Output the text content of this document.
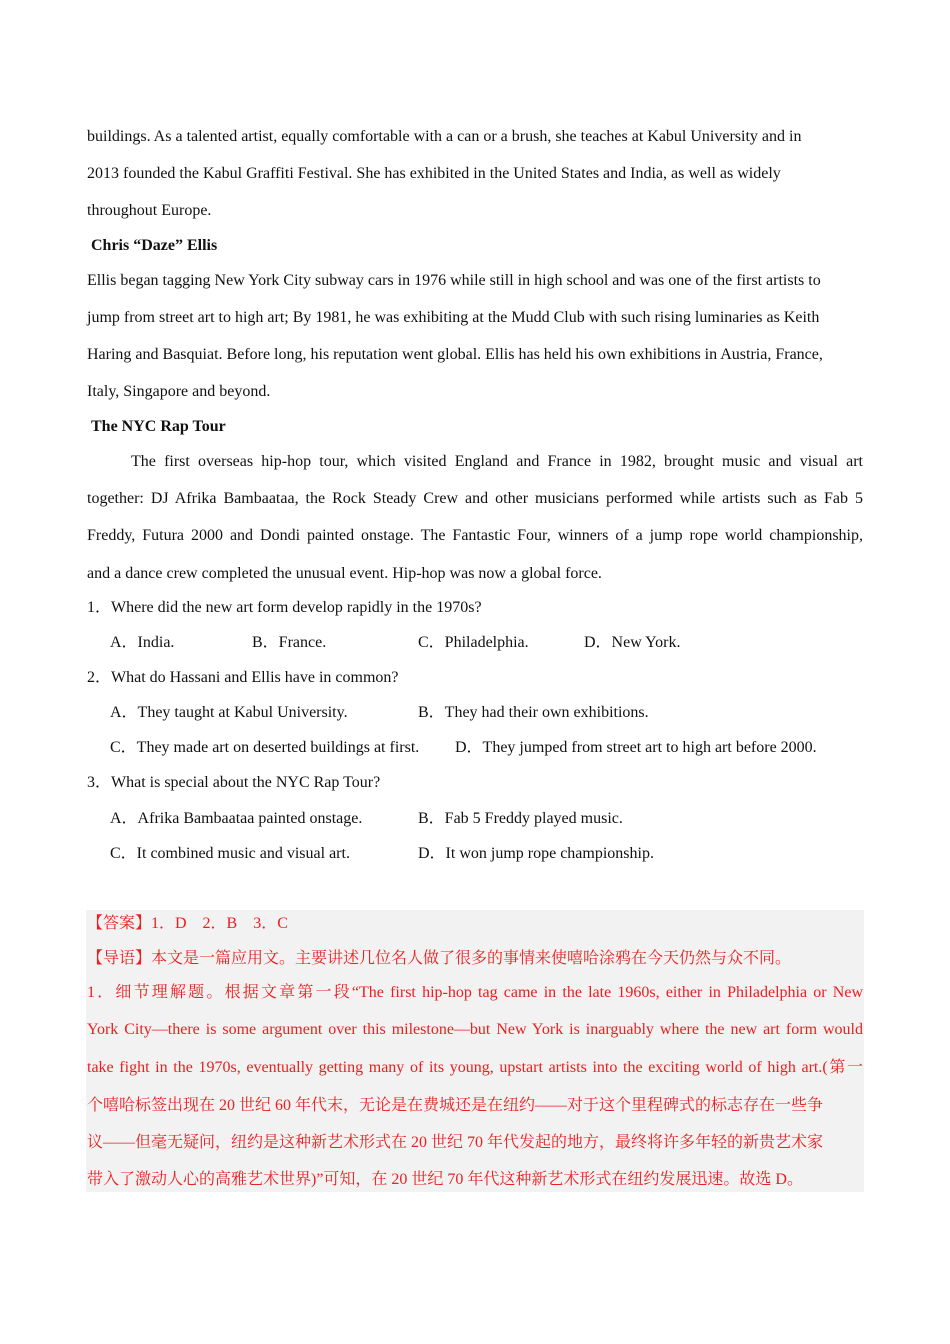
buildings. As a talented artist, equally comfortable with a can or a brush, she teaches at Kabul University and in
2013 founded the Kabul Graffiti Festival. She has exhibited in the United States and India, as well as widely
throughout Europe.
Chris “Daze” Ellis
Ellis began tagging New York City subway cars in 1976 while still in high school and was one of the first artists to
jump from street art to high art; By 1981, he was exhibiting at the Mudd Club with such rising luminaries as Keith
Haring and Basquiat. Before long, his reputation went global. Ellis has held his own exhibitions in Austria, France,
Italy, Singapore and beyond.
The NYC Rap Tour
The first overseas hip-hop tour, which visited England and France in 1982, brought music and visual art
together: DJ Afrika Bambaataa, the Rock Steady Crew and other musicians performed while artists such as Fab 5
Freddy, Futura 2000 and Dondi painted onstage. The Fantastic Four, winners of a jump rope world championship,
and a dance crew completed the unusual event. Hip-hop was now a global force.
1．Where did the new art form develop rapidly in the 1970s?
A．India.	B．France.	C．Philadelphia.	D．New York.
2．What do Hassani and Ellis have in common?
A．They taught at Kabul University.	B．They had their own exhibitions.
C．They made art on deserted buildings at first. D．They jumped from street art to high art before 2000.
3．What is special about the NYC Rap Tour?
A．Afrika Bambaataa painted onstage.	B．Fab 5 Freddy played music.
C．It combined music and visual art.	D．It won jump rope championship.
【答案】1．D　2．B　3．C
【导语】本文是一篇应用文。主要讲述几位名人做了很多的事情来使嘻哈涂鸦在今天仍然与众不同。
1．细节理解题。根据文章第一段“The first hip-hop tag came in the late 1960s, either in Philadelphia or New
York City—there is some argument over this milestone—but New York is inarguably where the new art form would
take fight in the 1970s, eventually getting many of its young, upstart artists into the exciting world of high art.(第一
个嘻哈标签出现在 20 世纪 60 年代末，无论是在费城还是在纽约——对于这个里程碑式的标志存在一些争
议——但毫无疑问，纽约是这种新艺术形式在 20 世纪 70 年代发起的地方，最终将许多年轻的新贵艺术家
带入了激动人心的高雅艺术世界)”可知，在 20 世纪 70 年代这种新艺术形式在纽约发展迅速。故选 D。
